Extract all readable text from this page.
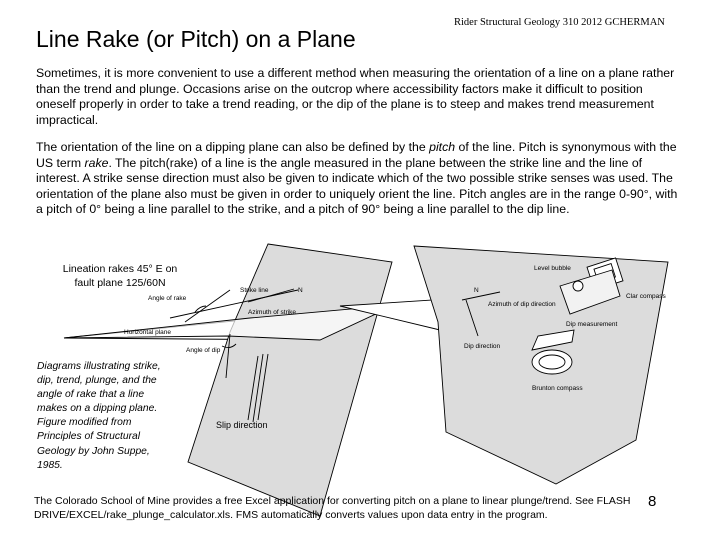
Line Rake (or Pitch) on a Plane
Rider Structural Geology 310 2012 GCHERMAN
Sometimes, it is more convenient to use a different method when measuring the orientation of a line on a plane rather than the trend and plunge. Occasions arise on the outcrop where accessibility factors make it difficult to position oneself properly in order to take a trend reading, or the dip of the plane is to steep and makes trend measurement impractical.
The orientation of the line on a dipping plane can also be defined by the pitch of the line. Pitch is synonymous with the US term rake. The pitch(rake) of a line is the angle measured in the plane between the strike line and the line of interest. A strike sense direction must also be given to indicate which of the two possible strike senses was used. The orientation of the plane also must be given in order to uniquely orient the line. Pitch angles are in the range 0-90°, with a pitch of 0° being a line parallel to the strike, and a pitch of 90° being a line parallel to the dip line.
Strike line	N
Angle of rake
Azimuth of strike
Horizontal plane
Angle of dip
N
Azimuth of dip direction
Dip direction
Level bubble
Clar compass
Dip measurement
Brunton compass
Lineation rakes 45° E on fault plane 125/60N
Diagrams illustrating strike, dip, trend, plunge, and the angle of rake that a line makes on a dipping plane. Figure modified from Principles of Structural Geology by John Suppe, 1985.
Slip direction
The Colorado School of Mine provides a free Excel application for converting pitch on a plane to linear plunge/trend. See FLASH DRIVE/EXCEL/rake_plunge_calculator.xls. FMS automatically converts values upon data entry in the program.
8
